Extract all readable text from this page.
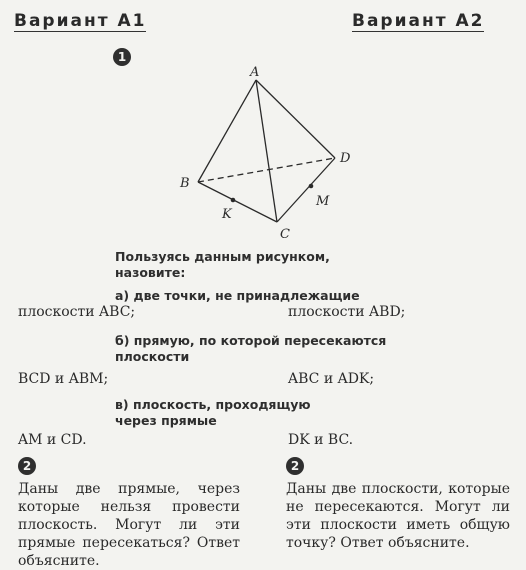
Вариант А1	Вариант А2
1
A
B
C
D
K
M
Пользуясь данным рисунком, назовите:
а) две точки, не принадлежащие
плоскости ABC;	плоскости ABD;
б) прямую, по которой пересекаются плоскости
BCD и ABM;	ABC и ADK;
в) плоскость, проходящую через прямые
AM и CD.	DK и BC.
2	2
Даны две прямые, через которые нельзя провести плоскость. Могут ли эти прямые пересекаться? Ответ объясните.
Даны две плоскости, которые не пересекаются. Могут ли эти плоскости иметь общую точку? Ответ объясните.
